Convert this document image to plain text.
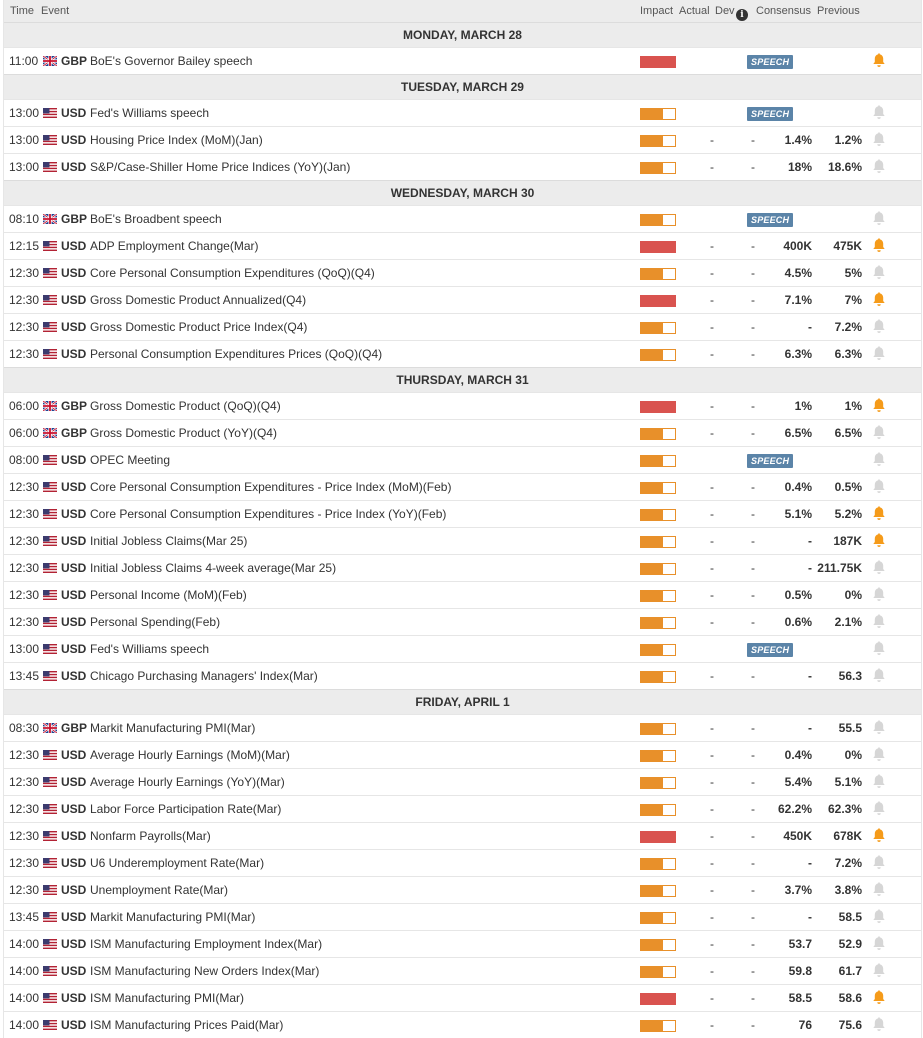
Time Event	Impact Actual Dev i	Consensus Previous
MONDAY, MARCH 28
11:00 GBP BoE's Governor Bailey speech	SPEECH
TUESDAY, MARCH 29
13:00 USD Fed's Williams speech	SPEECH
13:00 USD Housing Price Index (MoM)(Jan)	-	-	1.4%	1.2%
13:00 USD S&P/Case-Shiller Home Price Indices (YoY)(Jan)	-	-	18%	18.6%
WEDNESDAY, MARCH 30
08:10 GBP BoE's Broadbent speech	SPEECH
12:15 USD ADP Employment Change(Mar)	-	-	400K	475K
12:30 USD Core Personal Consumption Expenditures (QoQ)(Q4)	-	-	4.5%	5%
12:30 USD Gross Domestic Product Annualized(Q4)	-	-	7.1%	7%
12:30 USD Gross Domestic Product Price Index(Q4)	-	-	-	7.2%
12:30 USD Personal Consumption Expenditures Prices (QoQ)(Q4)	-	-	6.3%	6.3%
THURSDAY, MARCH 31
06:00 GBP Gross Domestic Product (QoQ)(Q4)	-	-	1%	1%
06:00 GBP Gross Domestic Product (YoY)(Q4)	-	-	6.5%	6.5%
08:00 USD OPEC Meeting	SPEECH
12:30 USD Core Personal Consumption Expenditures - Price Index (MoM)(Feb)	-	-	0.4%	0.5%
12:30 USD Core Personal Consumption Expenditures - Price Index (YoY)(Feb)	-	-	5.1%	5.2%
12:30 USD Initial Jobless Claims(Mar 25)	-	-	-	187K
12:30 USD Initial Jobless Claims 4-week average(Mar 25)	-	-	- 211.75K
12:30 USD Personal Income (MoM)(Feb)	-	-	0.5%	0%
12:30 USD Personal Spending(Feb)	-	-	0.6%	2.1%
13:00 USD Fed's Williams speech	SPEECH
13:45 USD Chicago Purchasing Managers' Index(Mar)	-	-	-	56.3
FRIDAY, APRIL 1
08:30 GBP Markit Manufacturing PMI(Mar)	-	-	-	55.5
12:30 USD Average Hourly Earnings (MoM)(Mar)	-	-	0.4%	0%
12:30 USD Average Hourly Earnings (YoY)(Mar)	-	-	5.4%	5.1%
12:30 USD Labor Force Participation Rate(Mar)	-	-	62.2%	62.3%
12:30 USD Nonfarm Payrolls(Mar)	-	-	450K	678K
12:30 USD U6 Underemployment Rate(Mar)	-	-	-	7.2%
12:30 USD Unemployment Rate(Mar)	-	-	3.7%	3.8%
13:45 USD Markit Manufacturing PMI(Mar)	-	-	-	58.5
14:00 USD ISM Manufacturing Employment Index(Mar)	-	-	53.7	52.9
14:00 USD ISM Manufacturing New Orders Index(Mar)	-	-	59.8	61.7
14:00 USD ISM Manufacturing PMI(Mar)	-	-	58.5	58.6
14:00 USD ISM Manufacturing Prices Paid(Mar)	-	-	76	75.6
